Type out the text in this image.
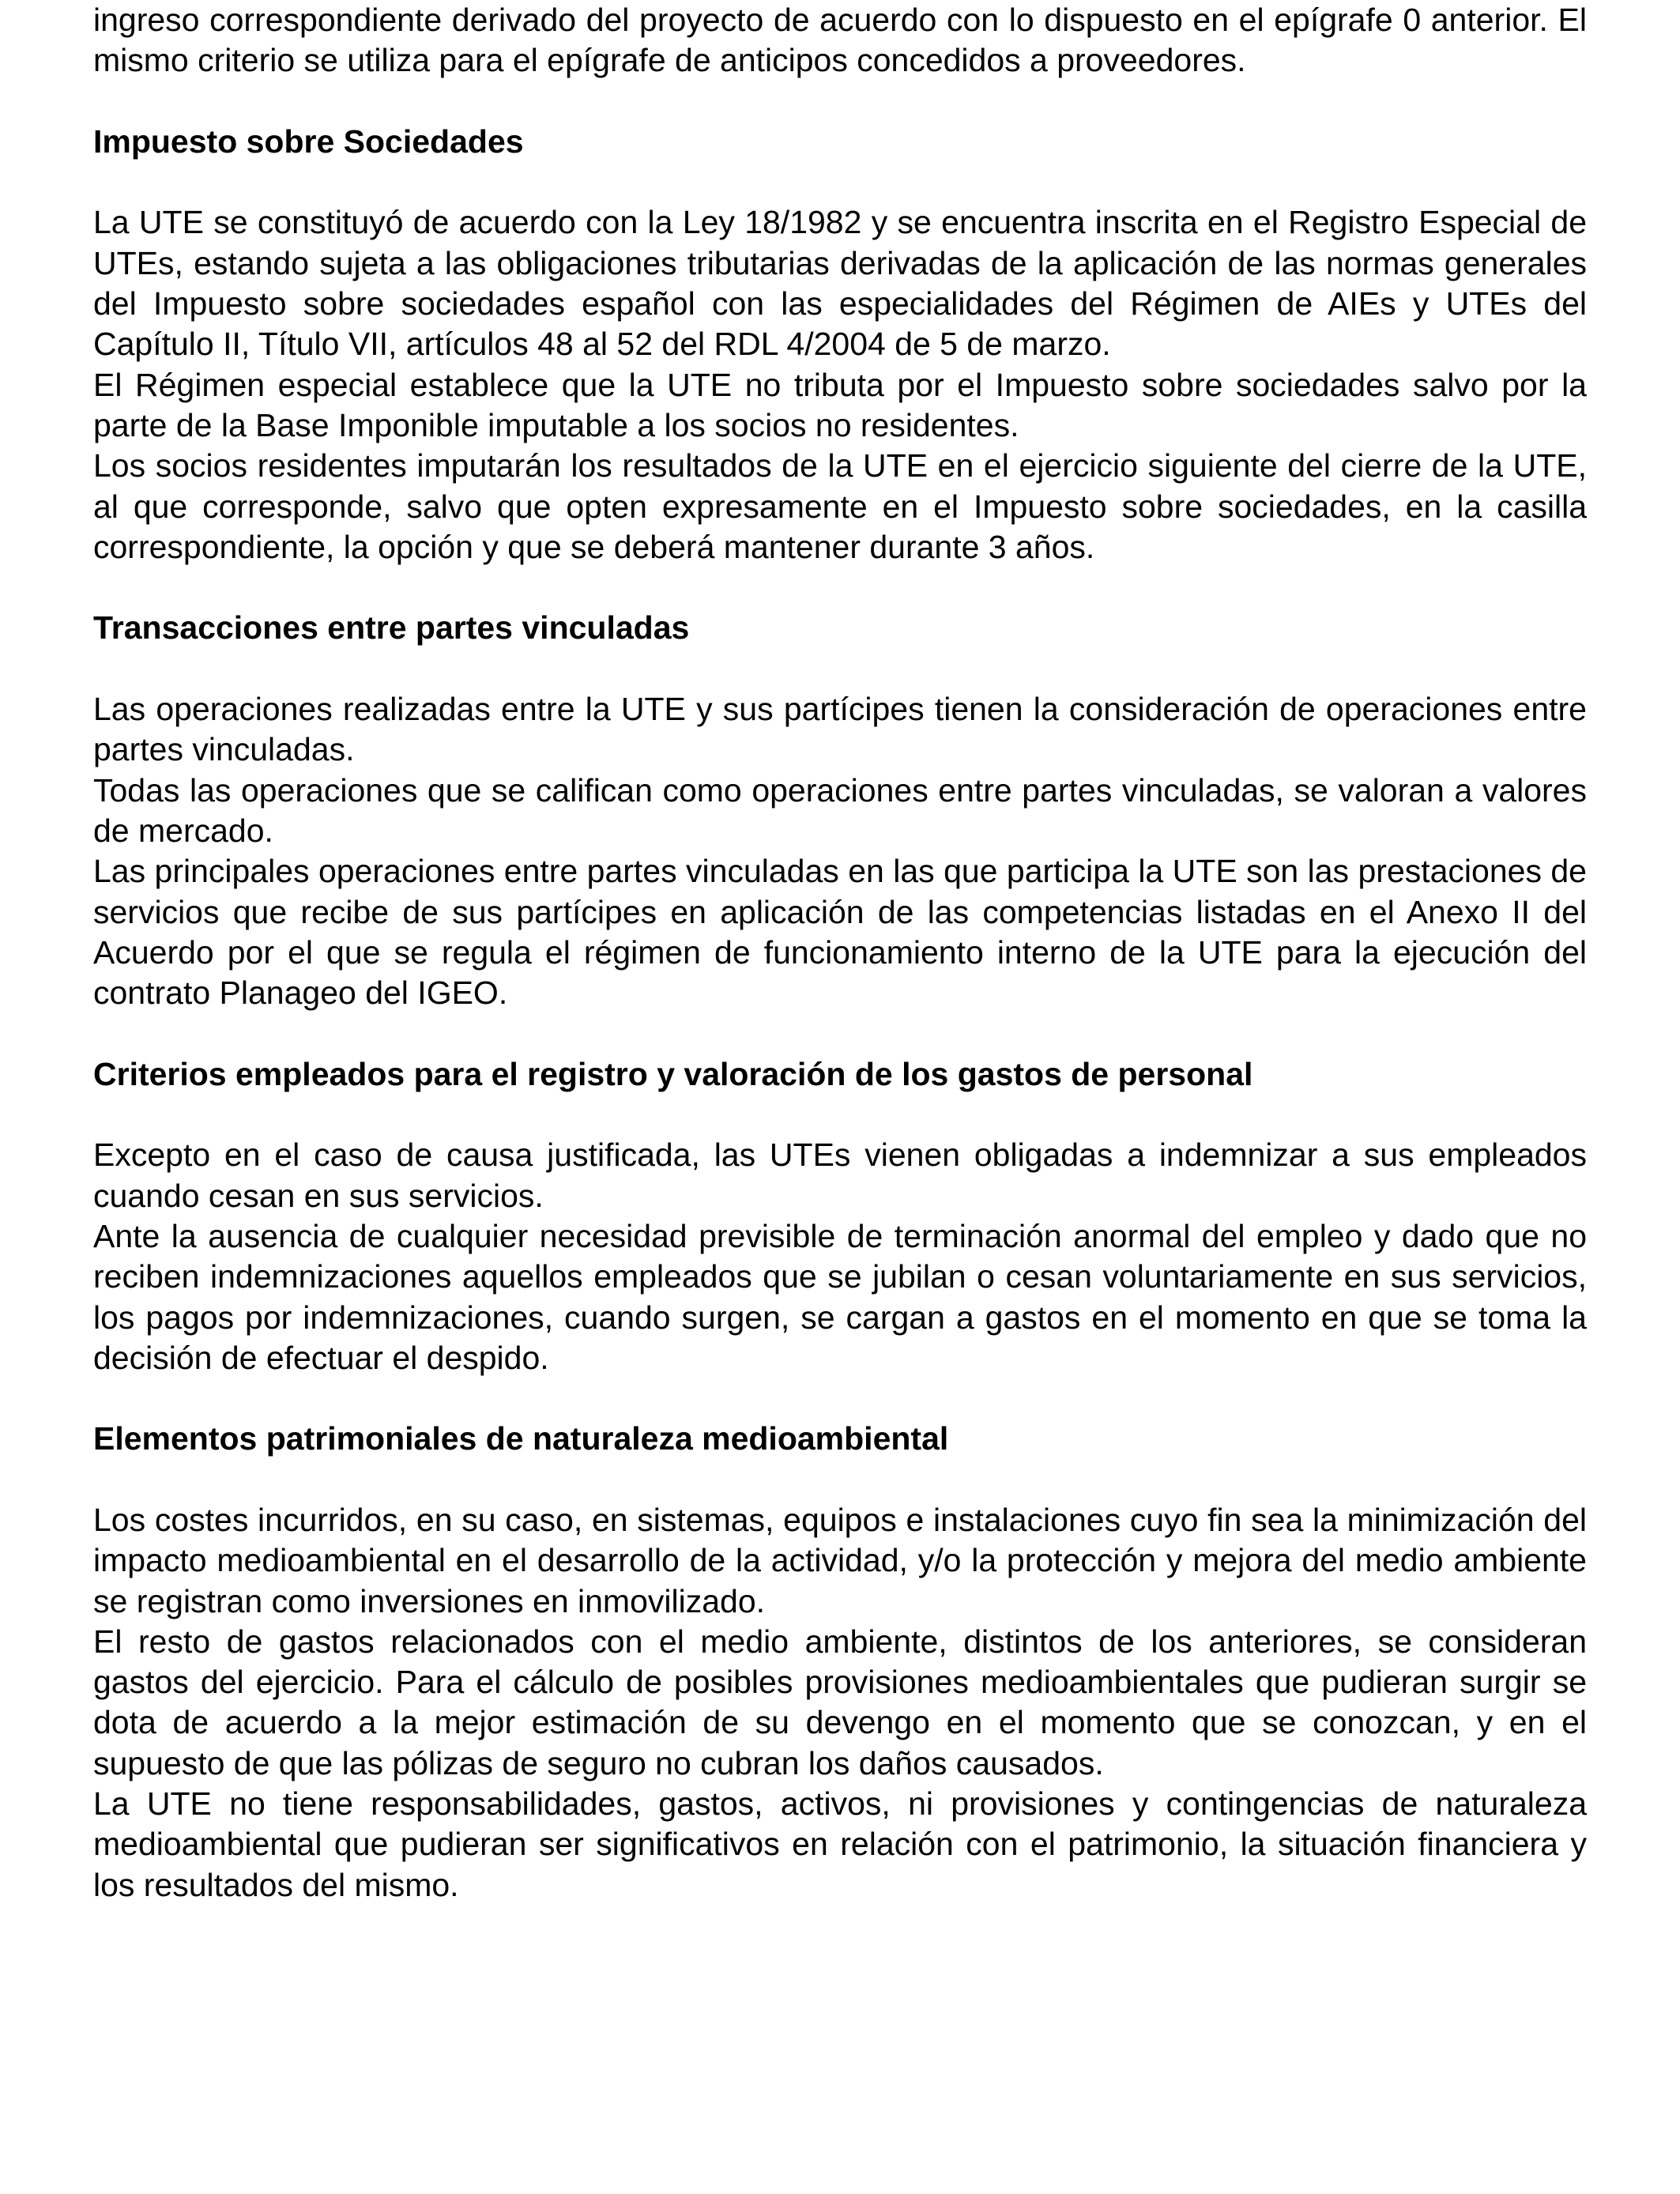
ingreso correspondiente derivado del proyecto de acuerdo con lo dispuesto en el epígrafe 0 anterior. El mismo criterio se utiliza para el epígrafe de anticipos concedidos a proveedores.

Impuesto sobre Sociedades

La UTE se constituyó de acuerdo con la Ley 18/1982 y se encuentra inscrita en el Registro Especial de UTEs, estando sujeta a las obligaciones tributarias derivadas de la aplicación de las normas generales del Impuesto sobre sociedades español con las especialidades del Régimen de AIEs y UTEs del Capítulo II, Título VII, artículos 48 al 52 del RDL 4/2004 de 5 de marzo.

El Régimen especial establece que la UTE no tributa por el Impuesto sobre sociedades salvo por la parte de la Base Imponible imputable a los socios no residentes.

Los socios residentes imputarán los resultados de la UTE en el ejercicio siguiente del cierre de la UTE, al que corresponde, salvo que opten expresamente en el Impuesto sobre sociedades, en la casilla correspondiente, la opción y que se deberá mantener durante 3 años.

Transacciones entre partes vinculadas

Las operaciones realizadas entre la UTE y sus partícipes tienen la consideración de operaciones entre partes vinculadas.

Todas las operaciones que se califican como operaciones entre partes vinculadas, se valoran a valores de mercado.

Las principales operaciones entre partes vinculadas en las que participa la UTE son las prestaciones de servicios que recibe de sus partícipes en aplicación de las competencias listadas en el Anexo II del Acuerdo por el que se regula el régimen de funcionamiento interno de la UTE para la ejecución del contrato Planageo del IGEO.

Criterios empleados para el registro y valoración de los gastos de personal

Excepto en el caso de causa justificada, las UTEs vienen obligadas a indemnizar a sus empleados cuando cesan en sus servicios.

Ante la ausencia de cualquier necesidad previsible de terminación anormal del empleo y dado que no reciben indemnizaciones aquellos empleados que se jubilan o cesan voluntariamente en sus servicios, los pagos por indemnizaciones, cuando surgen, se cargan a gastos en el momento en que se toma la decisión de efectuar el despido.

Elementos patrimoniales de naturaleza medioambiental

Los costes incurridos, en su caso, en sistemas, equipos e instalaciones cuyo fin sea la minimización del impacto medioambiental en el desarrollo de la actividad, y/o la protección y mejora del medio ambiente se registran como inversiones en inmovilizado.

El resto de gastos relacionados con el medio ambiente, distintos de los anteriores, se consideran gastos del ejercicio. Para el cálculo de posibles provisiones medioambientales que pudieran surgir se dota de acuerdo a la mejor estimación de su devengo en el momento que se conozcan, y en el supuesto de que las pólizas de seguro no cubran los daños causados.

La UTE no tiene responsabilidades, gastos, activos, ni provisiones y contingencias de naturaleza medioambiental que pudieran ser significativos en relación con el patrimonio, la situación financiera y los resultados del mismo.
